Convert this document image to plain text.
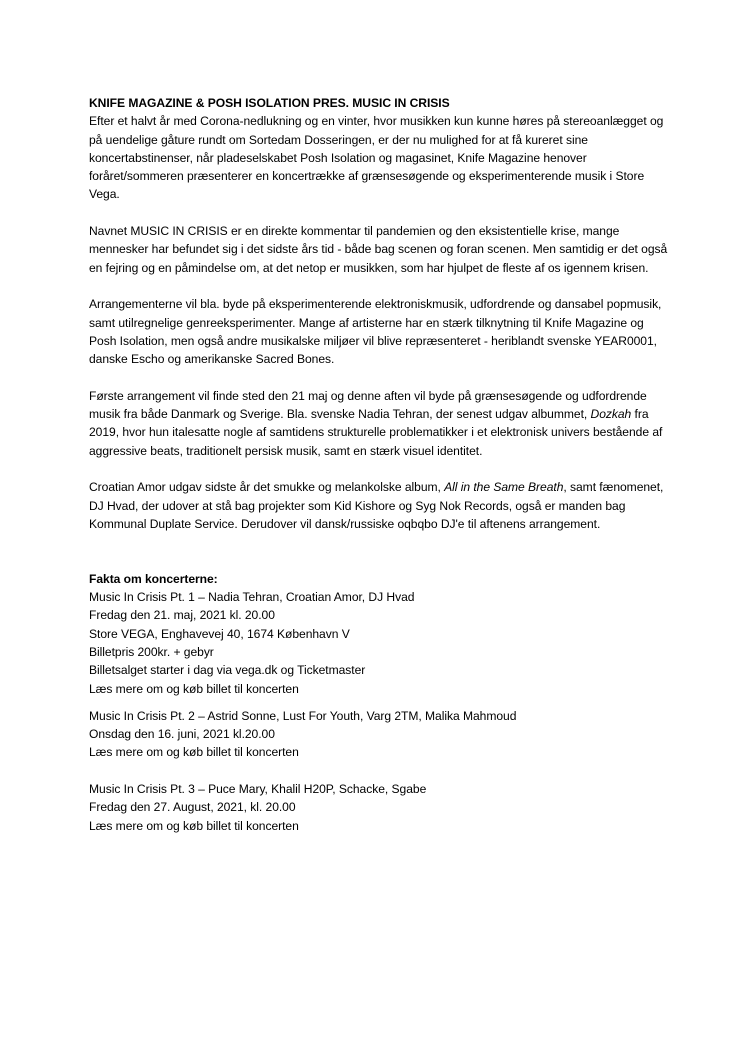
KNIFE MAGAZINE & POSH ISOLATION PRES. MUSIC IN CRISIS

Efter et halvt år med Corona-nedlukning og en vinter, hvor musikken kun kunne høres på stereoanlægget og på uendelige gåture rundt om Sortedam Dosseringen, er der nu mulighed for at få kureret sine koncertabstinenser, når pladeselskabet Posh Isolation og magasinet, Knife Magazine henover foråret/sommeren præsenterer en koncertrække af grænsesøgende og eksperimenterende musik i Store Vega.

Navnet MUSIC IN CRISIS er en direkte kommentar til pandemien og den eksistentielle krise, mange mennesker har befundet sig i det sidste års tid - både bag scenen og foran scenen. Men samtidig er det også en fejring og en påmindelse om, at det netop er musikken, som har hjulpet de fleste af os igennem krisen.

Arrangementerne vil bla. byde på eksperimenterende elektroniskmusik, udfordrende og dansabel popmusik, samt utilregnelige genreeksperimenter. Mange af artisterne har en stærk tilknytning til Knife Magazine og Posh Isolation, men også andre musikalske miljøer vil blive repræsenteret - heriblandt svenske YEAR0001, danske Escho og amerikanske Sacred Bones.

Første arrangement vil finde sted den 21 maj og denne aften vil byde på grænsesøgende og udfordrende musik fra både Danmark og Sverige. Bla. svenske Nadia Tehran, der senest udgav albummet, Dozkah fra 2019, hvor hun italesatte nogle af samtidens strukturelle problematikker i et elektronisk univers bestående af aggressive beats, traditionelt persisk musik, samt en stærk visuel identitet.

Croatian Amor udgav sidste år det smukke og melankolske album, All in the Same Breath, samt fænomenet, DJ Hvad, der udover at stå bag projekter som Kid Kishore og Syg Nok Records, også er manden bag Kommunal Duplate Service. Derudover vil dansk/russiske oqbqbo DJ'e til aftenens arrangement.

Fakta om koncerterne:

Music In Crisis Pt. 1 – Nadia Tehran, Croatian Amor, DJ Hvad
Fredag den 21. maj, 2021 kl. 20.00
Store VEGA, Enghavevej 40, 1674 København V
Billetpris 200kr. + gebyr
Billetsalget starter i dag via vega.dk og Ticketmaster
Læs mere om og køb billet til koncerten
Music In Crisis Pt. 2 – Astrid Sonne, Lust For Youth, Varg 2TM, Malika Mahmoud
Onsdag den 16. juni, 2021 kl.20.00
Læs mere om og køb billet til koncerten
Music In Crisis Pt. 3 – Puce Mary, Khalil H20P, Schacke, Sgabe
Fredag den 27. August, 2021, kl. 20.00
Læs mere om og køb billet til koncerten
